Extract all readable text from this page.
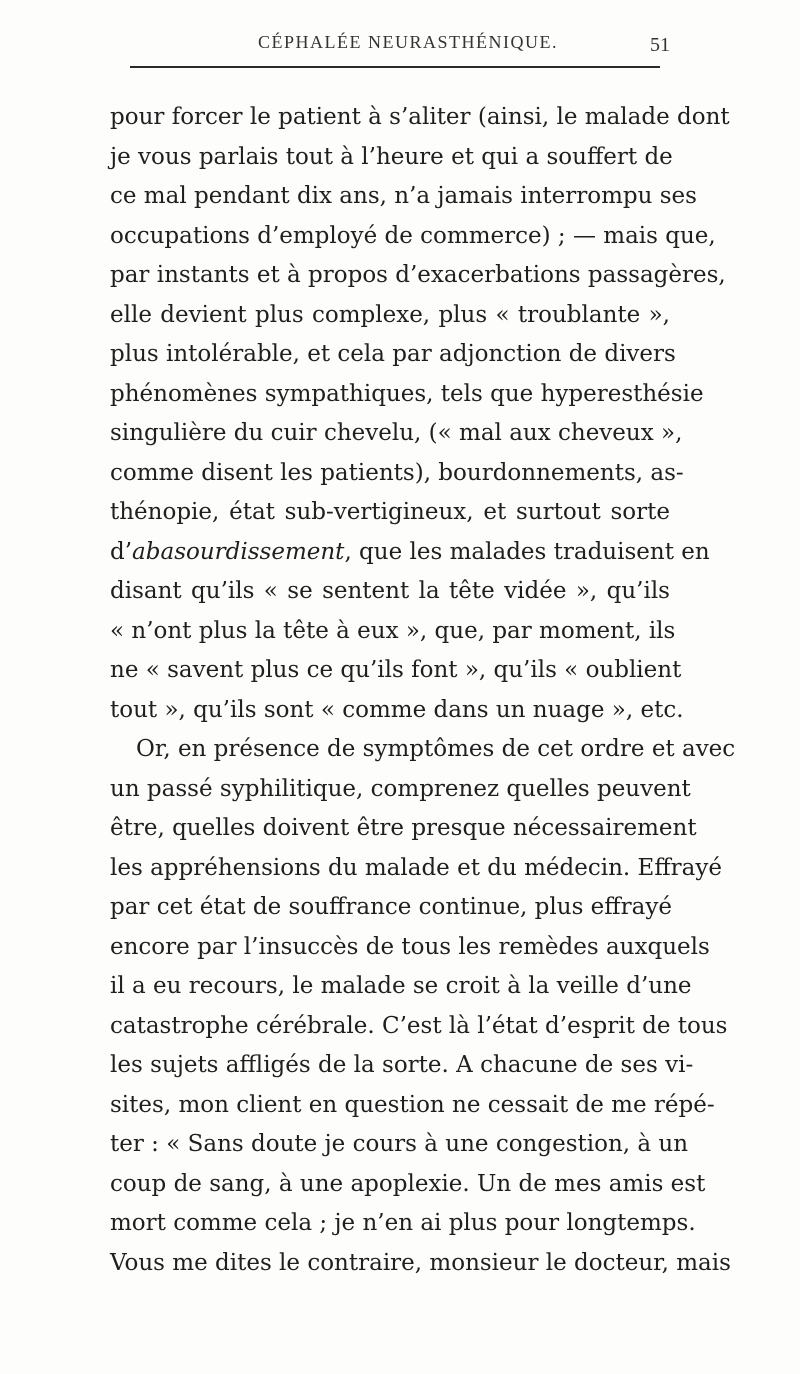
CÉPHALÉE NEURASTHÉNIQUE.	51
pour forcer le patient à s’aliter (ainsi, le malade dont
je vous parlais tout à l’heure et qui a souffert de
ce mal pendant dix ans, n’a jamais interrompu ses
occupations d’employé de commerce) ; — mais que,
par instants et à propos d’exacerbations passagères,
elle devient plus complexe, plus « troublante »,
plus intolérable, et cela par adjonction de divers
phénomènes sympathiques, tels que hyperesthésie
singulière du cuir chevelu, (« mal aux cheveux »,
comme disent les patients), bourdonnements, as-
thénopie, état sub-vertigineux, et surtout sorte
d’abasourdissement, que les malades traduisent en
disant qu’ils « se sentent la tête vidée », qu’ils
« n’ont plus la tête à eux », que, par moment, ils
ne « savent plus ce qu’ils font », qu’ils « oublient
tout », qu’ils sont « comme dans un nuage », etc.
Or, en présence de symptômes de cet ordre et avec
un passé syphilitique, comprenez quelles peuvent
être, quelles doivent être presque nécessairement
les appréhensions du malade et du médecin. Effrayé
par cet état de souffrance continue, plus effrayé
encore par l’insuccès de tous les remèdes auxquels
il a eu recours, le malade se croit à la veille d’une
catastrophe cérébrale. C’est là l’état d’esprit de tous
les sujets affligés de la sorte. A chacune de ses vi-
sites, mon client en question ne cessait de me répé-
ter : « Sans doute je cours à une congestion, à un
coup de sang, à une apoplexie. Un de mes amis est
mort comme cela ; je n’en ai plus pour longtemps.
Vous me dites le contraire, monsieur le docteur, mais
